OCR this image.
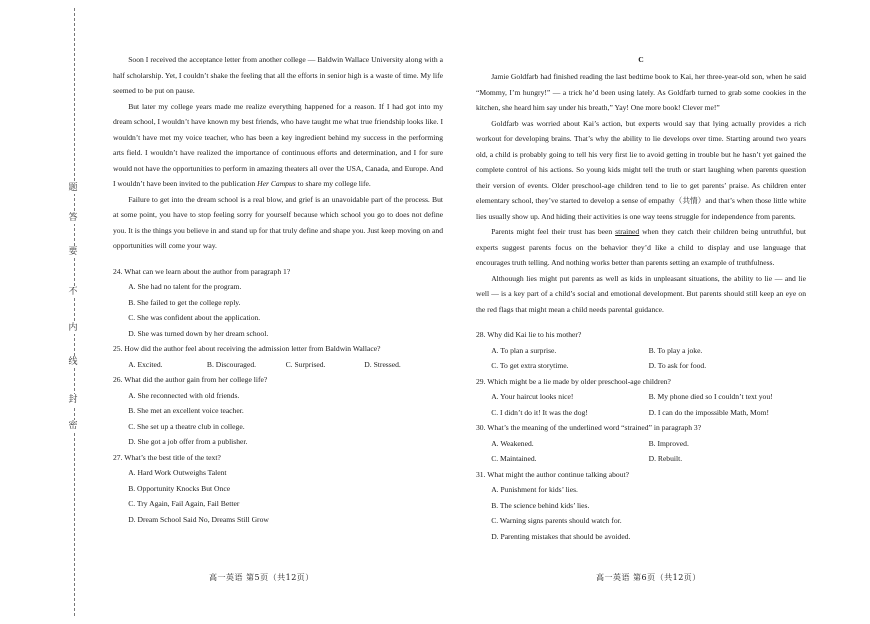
题
答
要
不
内
线
封
密

Soon I received the acceptance letter from another college — Baldwin Wallace University along with a half scholarship. Yet, I couldn’t shake the feeling that all the efforts in senior high is a waste of time. My life seemed to be put on pause.

But later my college years made me realize everything happened for a reason. If I had got into my dream school, I wouldn’t have known my best friends, who have taught me what true friendship looks like. I wouldn’t have met my voice teacher, who has been a key ingredient behind my success in the performing arts field. I wouldn’t have realized the importance of continuous efforts and determination, and I for sure would not have the opportunities to perform in amazing theaters all over the USA, Canada, and Europe. And I wouldn’t have been invited to the publication Her Campus to share my college life.

Failure to get into the dream school is a real blow, and grief is an unavoidable part of the process. But at some point, you have to stop feeling sorry for yourself because which school you go to does not define you. It is the things you believe in and stand up for that truly define and shape you. Just keep moving on and opportunities will come your way.

24. What can we learn about the author from paragraph 1?

A. She had no talent for the program.

B. She failed to get the college reply.

C. She was confident about the application.

D. She was turned down by her dream school.

25. How did the author feel about receiving the admission letter from Baldwin Wallace?

A. Excited.	B. Discouraged.	C. Surprised.	D. Stressed.

26. What did the author gain from her college life?

A. She reconnected with old friends.

B. She met an excellent voice teacher.

C. She set up a theatre club in college.

D. She got a job offer from a publisher.

27. What’s the best title of the text?

A. Hard Work Outweighs Talent

B. Opportunity Knocks But Once

C. Try Again, Fail Again, Fail Better

D. Dream School Said No, Dreams Still Grow

高一英语 第5页（共12页）

C

Jamie Goldfarb had finished reading the last bedtime book to Kai, her three-year-old son, when he said “Mommy, I’m hungry!” — a trick he’d been using lately. As Goldfarb turned to grab some cookies in the kitchen, she heard him say under his breath,” Yay! One more book! Clever me!”

Goldfarb was worried about Kai’s action, but experts would say that lying actually provides a rich workout for developing brains. That’s why the ability to lie develops over time. Starting around two years old, a child is probably going to tell his very first lie to avoid getting in trouble but he hasn’t yet gained the complete control of his actions. So young kids might tell the truth or start laughing when parents question their version of events. Older preschool-age children tend to lie to get parents’ praise. As children enter elementary school, they’ve started to develop a sense of empathy（共情）and that’s when those little white lies usually show up. And hiding their activities is one way teens struggle for independence from parents.

Parents might feel their trust has been strained when they catch their children being untruthful, but experts suggest parents focus on the behavior they’d like a child to display and use language that encourages truth telling. And nothing works better than parents setting an example of truthfulness.

Althouugh lies might put parents as well as kids in unpleasant situations, the ability to lie — and lie well — is a key part of a child’s social and emotional development. But parents should still keep an eye on the red flags that might mean a child needs parental guidance.

28. Why did Kai lie to his mother?

A. To plan a surprise.	B. To play a joke.
C. To get extra storytime.	D. To ask for food.

29. Which might be a lie made by older preschool-age children?

A. Your haircut looks nice!	B. My phone died so I couldn’t text you!
C. I didn’t do it! It was the dog!	D. I can do the impossible Math, Mom!

30. What’s the meaning of the underlined word “strained” in paragraph 3?

A. Weakened.	B. Improved.
C. Maintained.	D. Rebuilt.

31. What might the author continue talking about?

A. Punishment for kids’ lies.

B. The science behind kids’ lies.

C. Warning signs parents should watch for.

D. Parenting mistakes that should be avoided.

高一英语 第6页（共12页）
